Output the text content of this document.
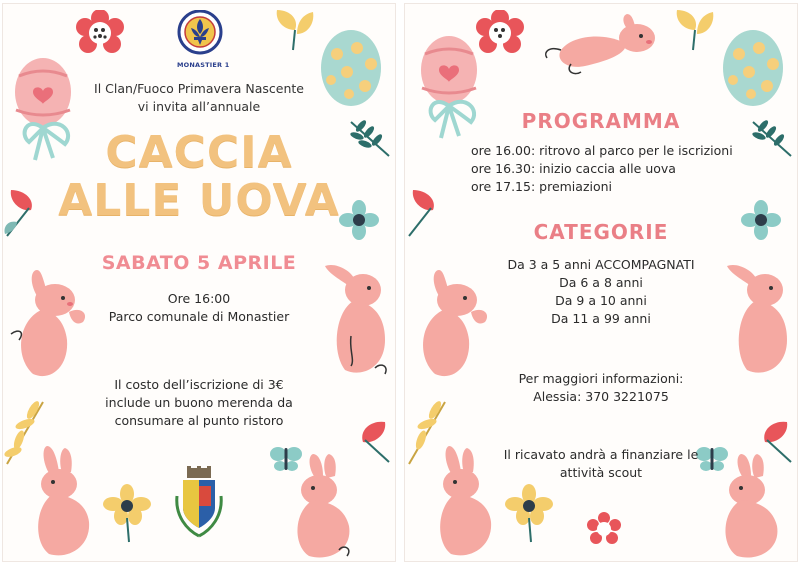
MONASTIER 1
Il Clan/Fuoco Primavera Nascente
vi invita all’annuale
CACCIA
ALLE UOVA
SABATO 5 APRILE
Ore 16:00
Parco comunale di Monastier
Il costo dell’iscrizione di 3€
include un buono merenda da
consumare al punto ristoro
PROGRAMMA
ore 16.00: ritrovo al parco per le iscrizioni
ore 16.30: inizio caccia alle uova
ore 17.15: premiazioni
CATEGORIE
Da 3 a 5 anni ACCOMPAGNATI
Da 6 a 8 anni
Da 9 a 10 anni
Da 11 a 99 anni
Per maggiori informazioni:
Alessia: 370 3221075
Il ricavato andrà a finanziare le
attività scout
